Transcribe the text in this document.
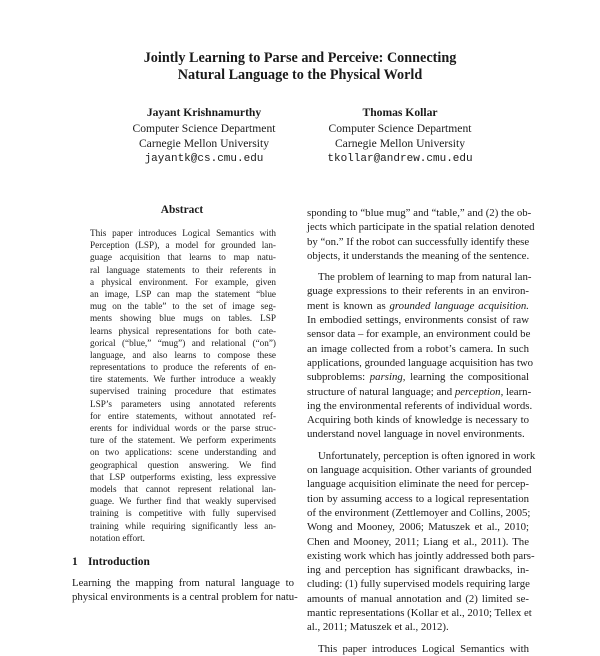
Jointly Learning to Parse and Perceive: Connecting
Natural Language to the Physical World
Jayant Krishnamurthy
Computer Science Department
Carnegie Mellon University
jayantk@cs.cmu.edu
Thomas Kollar
Computer Science Department
Carnegie Mellon University
tkollar@andrew.cmu.edu
Abstract
This paper introduces Logical Semantics with
Perception (LSP), a model for grounded lan-
guage acquisition that learns to map natu-
ral language statements to their referents in
a physical environment. For example, given
an image, LSP can map the statement “blue
mug on the table” to the set of image seg-
ments showing blue mugs on tables. LSP
learns physical representations for both cate-
gorical (“blue,” “mug”) and relational (“on”)
language, and also learns to compose these
representations to produce the referents of en-
tire statements. We further introduce a weakly
supervised training procedure that estimates
LSP’s parameters using annotated referents
for entire statements, without annotated ref-
erents for individual words or the parse struc-
ture of the statement. We perform experiments
on two applications: scene understanding and
geographical question answering. We find
that LSP outperforms existing, less expressive
models that cannot represent relational lan-
guage. We further find that weakly supervised
training is competitive with fully supervised
training while requiring significantly less an-
notation effort.
1 Introduction
Learning the mapping from natural language to
physical environments is a central problem for natu-
sponding to “blue mug” and “table,” and (2) the ob-
jects which participate in the spatial relation denoted
by “on.” If the robot can successfully identify these
objects, it understands the meaning of the sentence.
The problem of learning to map from natural lan-
guage expressions to their referents in an environ-
ment is known as grounded language acquisition.
In embodied settings, environments consist of raw
sensor data – for example, an environment could be
an image collected from a robot’s camera. In such
applications, grounded language acquisition has two
subproblems: parsing, learning the compositional
structure of natural language; and perception, learn-
ing the environmental referents of individual words.
Acquiring both kinds of knowledge is necessary to
understand novel language in novel environments.
Unfortunately, perception is often ignored in work
on language acquisition. Other variants of grounded
language acquisition eliminate the need for percep-
tion by assuming access to a logical representation
of the environment (Zettlemoyer and Collins, 2005;
Wong and Mooney, 2006; Matuszek et al., 2010;
Chen and Mooney, 2011; Liang et al., 2011). The
existing work which has jointly addressed both pars-
ing and perception has significant drawbacks, in-
cluding: (1) fully supervised models requiring large
amounts of manual annotation and (2) limited se-
mantic representations (Kollar et al., 2010; Tellex et
al., 2011; Matuszek et al., 2012).
This paper introduces Logical Semantics with
